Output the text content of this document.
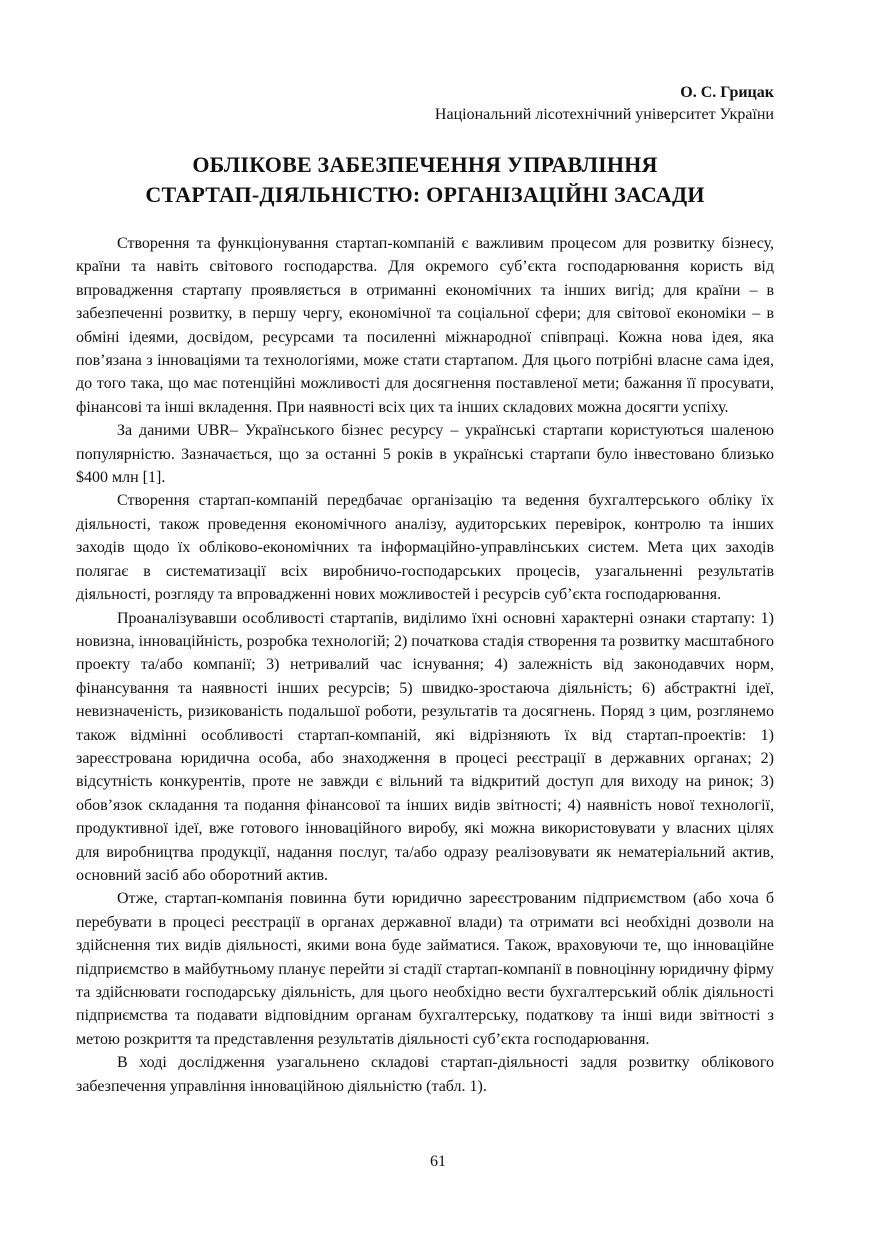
О. С. Грицак
Національний лісотехнічний університет України
ОБЛІКОВЕ ЗАБЕЗПЕЧЕННЯ УПРАВЛІННЯ
СТАРТАП-ДІЯЛЬНІСТЮ: ОРГАНІЗАЦІЙНІ ЗАСАДИ

Створення та функціонування стартап-компаній є важливим процесом для розвитку бізнесу, країни та навіть світового господарства. Для окремого суб’єкта господарювання користь від впровадження стартапу проявляється в отриманні економічних та інших вигід; для країни – в забезпеченні розвитку, в першу чергу, економічної та соціальної сфери; для світової економіки – в обміні ідеями, досвідом, ресурсами та посиленні міжнародної співпраці. Кожна нова ідея, яка пов’язана з інноваціями та технологіями, може стати стартапом. Для цього потрібні власне сама ідея, до того така, що має потенційні можливості для досягнення поставленої мети; бажання її просувати, фінансові та інші вкладення. При наявності всіх цих та інших складових можна досягти успіху.

За даними UBR– Українського бізнес ресурсу – українські стартапи користуються шаленою популярністю. Зазначається, що за останні 5 років в українські стартапи було інвестовано близько $400 млн [1].

Створення стартап-компаній передбачає організацію та ведення бухгалтерського обліку їх діяльності, також проведення економічного аналізу, аудиторських перевірок, контролю та інших заходів щодо їх обліково-економічних та інформаційно-управлінських систем. Мета цих заходів полягає в систематизації всіх виробничо-господарських процесів, узагальненні результатів діяльності, розгляду та впровадженні нових можливостей і ресурсів суб’єкта господарювання.

Проаналізувавши особливості стартапів, виділимо їхні основні характерні ознаки стартапу: 1) новизна, інноваційність, розробка технологій; 2) початкова стадія створення та розвитку масштабного проекту та/або компанії; 3) нетривалий час існування; 4) залежність від законодавчих норм, фінансування та наявності інших ресурсів; 5) швидко-зростаюча діяльність; 6) абстрактні ідеї, невизначеність, ризикованість подальшої роботи, результатів та досягнень. Поряд з цим, розглянемо також відмінні особливості стартап-компаній, які відрізняють їх від стартап-проектів: 1) зареєстрована юридична особа, або знаходження в процесі реєстрації в державних органах; 2) відсутність конкурентів, проте не завжди є вільний та відкритий доступ для виходу на ринок; 3) обов’язок складання та подання фінансової та інших видів звітності; 4) наявність нової технології, продуктивної ідеї, вже готового інноваційного виробу, які можна використовувати у власних цілях для виробництва продукції, надання послуг, та/або одразу реалізовувати як нематеріальний актив, основний засіб або оборотний актив.

Отже, стартап-компанія повинна бути юридично зареєстрованим підприємством (або хоча б перебувати в процесі реєстрації в органах державної влади) та отримати всі необхідні дозволи на здійснення тих видів діяльності, якими вона буде займатися. Також, враховуючи те, що інноваційне підприємство в майбутньому планує перейти зі стадії стартап-компанії в повноцінну юридичну фірму та здійснювати господарську діяльність, для цього необхідно вести бухгалтерський облік діяльності підприємства та подавати відповідним органам бухгалтерську, податкову та інші види звітності з метою розкриття та представлення результатів діяльності суб’єкта господарювання.

В ході дослідження узагальнено складові стартап-діяльності задля розвитку облікового забезпечення управління інноваційною діяльністю (табл. 1).

61
